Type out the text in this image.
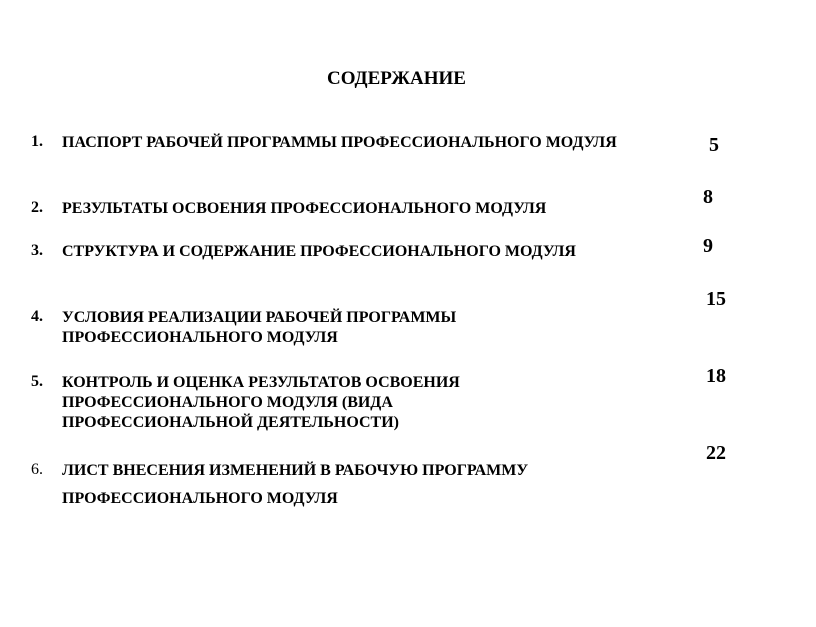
СОДЕРЖАНИЕ
1. ПАСПОРТ РАБОЧЕЙ ПРОГРАММЫ ПРОФЕССИОНАЛЬНОГО МОДУЛЯ	5
2. РЕЗУЛЬТАТЫ ОСВОЕНИЯ ПРОФЕССИОНАЛЬНОГО МОДУЛЯ
8
3. СТРУКТУРА И СОДЕРЖАНИЕ ПРОФЕССИОНАЛЬНОГО МОДУЛЯ	9
4. УСЛОВИЯ РЕАЛИЗАЦИИ РАБОЧЕЙ ПРОГРАММЫ ПРОФЕССИОНАЛЬНОГО МОДУЛЯ
15
5. КОНТРОЛЬ И ОЦЕНКА РЕЗУЛЬТАТОВ ОСВОЕНИЯ ПРОФЕССИОНАЛЬНОГО МОДУЛЯ (ВИДА ПРОФЕССИОНАЛЬНОЙ ДЕЯТЕЛЬНОСТИ)
18
6. ЛИСТ ВНЕСЕНИЯ ИЗМЕНЕНИЙ В РАБОЧУЮ ПРОГРАММУ ПРОФЕССИОНАЛЬНОГО МОДУЛЯ
22
